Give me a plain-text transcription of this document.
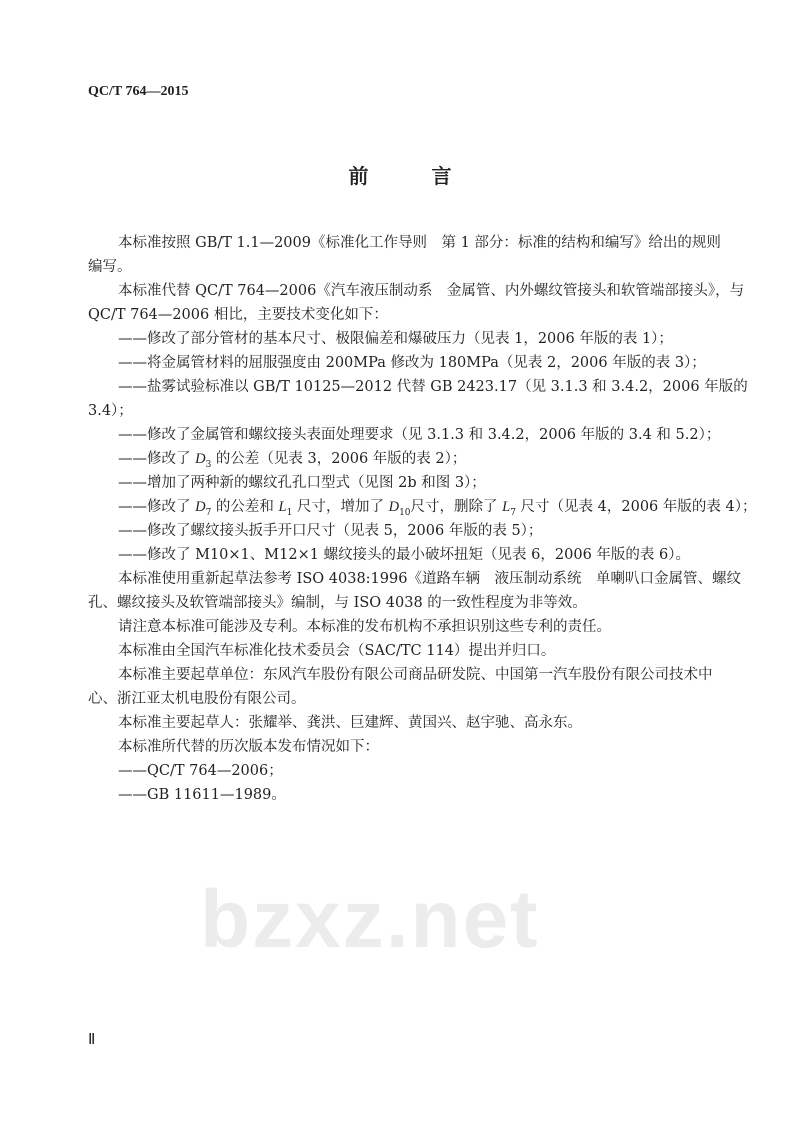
QC/T 764—2015
前 言
本标准按照 GB/T 1.1—2009《标准化工作导则　第 1 部分：标准的结构和编写》给出的规则
编写。
本标准代替 QC/T 764—2006《汽车液压制动系　金属管、内外螺纹管接头和软管端部接头》，与
QC/T 764—2006 相比，主要技术变化如下：
——修改了部分管材的基本尺寸、极限偏差和爆破压力（见表 1，2006 年版的表 1）；
——将金属管材料的屈服强度由 200MPa 修改为 180MPa（见表 2，2006 年版的表 3）；
——盐雾试验标准以 GB/T 10125—2012 代替 GB 2423.17（见 3.1.3 和 3.4.2，2006 年版的
3.4）；
——修改了金属管和螺纹接头表面处理要求（见 3.1.3 和 3.4.2，2006 年版的 3.4 和 5.2）；
——修改了 $D_3$ 的公差（见表 3，2006 年版的表 2）；
——增加了两种新的螺纹孔孔口型式（见图 2b 和图 3）；
——修改了 $D_7$ 的公差和 $L_1$ 尺寸，增加了 $D_{10}$尺寸，删除了 $L_7$ 尺寸（见表 4，2006 年版的表 4）；
——修改了螺纹接头扳手开口尺寸（见表 5，2006 年版的表 5）；
——修改了 M10×1、M12×1 螺纹接头的最小破坏扭矩（见表 6，2006 年版的表 6）。
本标准使用重新起草法参考 ISO 4038:1996《道路车辆　液压制动系统　单喇叭口金属管、螺纹
孔、螺纹接头及软管端部接头》编制，与 ISO 4038 的一致性程度为非等效。
请注意本标准可能涉及专利。本标准的发布机构不承担识别这些专利的责任。
本标准由全国汽车标准化技术委员会（SAC/TC 114）提出并归口。
本标准主要起草单位：东风汽车股份有限公司商品研发院、中国第一汽车股份有限公司技术中
心、浙江亚太机电股份有限公司。
本标准主要起草人：张耀举、龚洪、巨建辉、黄国兴、赵宇驰、高永东。
本标准所代替的历次版本发布情况如下：
——QC/T 764—2006；
——GB 11611—1989。
bzxz.net
Ⅱ
